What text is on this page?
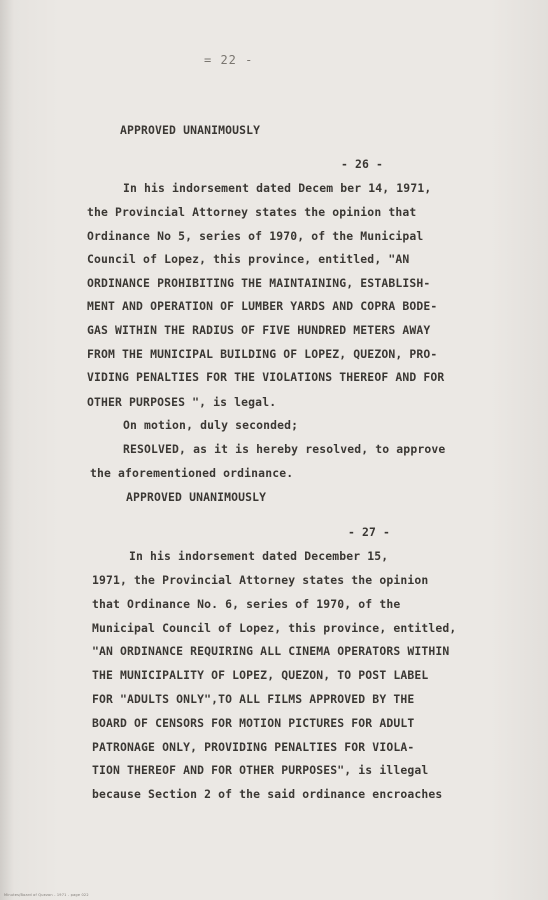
= 22 -
APPROVED UNANIMOUSLY
- 26 -
In his indorsement dated Decem ber 14, 1971,
the Provincial Attorney states the opinion that
Ordinance No 5, series of 1970, of the Municipal
Council of Lopez, this province, entitled, "AN
ORDINANCE PROHIBITING THE MAINTAINING, ESTABLISH-
MENT AND OPERATION OF LUMBER YARDS AND COPRA BODE-
GAS WITHIN THE RADIUS OF FIVE HUNDRED METERS AWAY
FROM THE MUNICIPAL BUILDING OF LOPEZ, QUEZON, PRO-
VIDING PENALTIES FOR THE VIOLATIONS THEREOF AND FOR
OTHER PURPOSES ", is legal.
On motion, duly seconded;
RESOLVED, as it is hereby resolved, to approve
the aforementioned ordinance.
APPROVED UNANIMOUSLY
- 27 -
In his indorsement dated December 15,
1971, the Provincial Attorney states the opinion
that Ordinance No. 6, series of 1970, of the
Municipal Council of Lopez, this province, entitled,
"AN ORDINANCE REQUIRING ALL CINEMA OPERATORS WITHIN
THE MUNICIPALITY OF LOPEZ, QUEZON, TO POST LABEL
FOR "ADULTS ONLY",TO ALL FILMS APPROVED BY THE
BOARD OF CENSORS FOR MOTION PICTURES FOR ADULT
PATRONAGE ONLY, PROVIDING PENALTIES FOR VIOLA-
TION THEREOF AND FOR OTHER PURPOSES", is illegal
because Section 2 of the said ordinance encroaches
Minutes/Board of Quezon - 1971 - page 022
